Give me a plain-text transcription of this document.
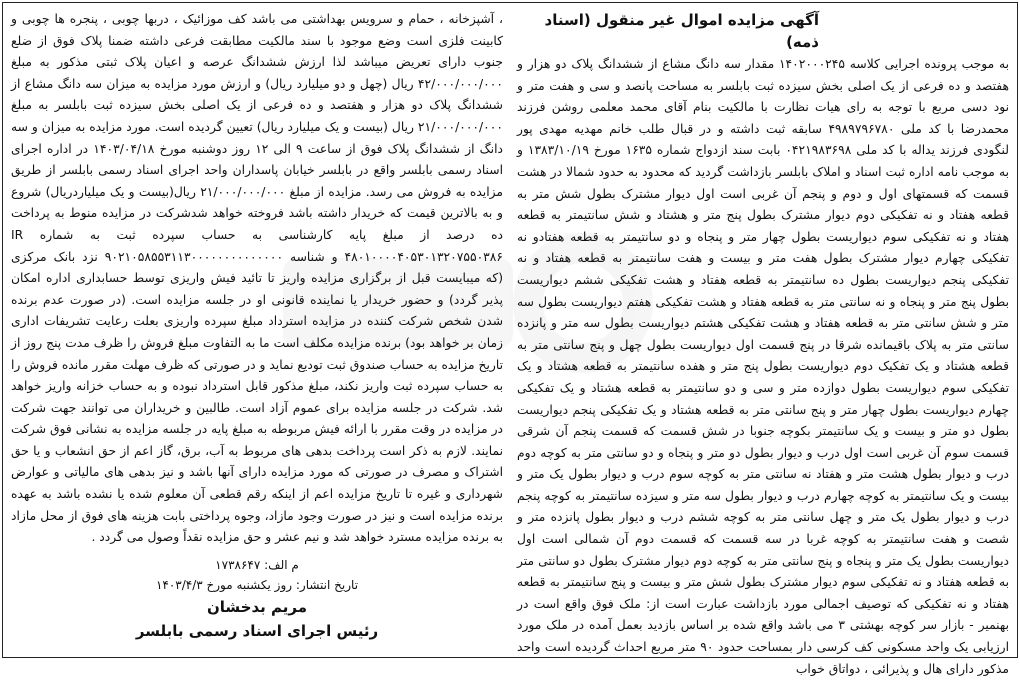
آگهی مزایده اموال غیر منقول (اسناد ذمه)
به موجب پرونده اجرایی کلاسه ۱۴۰۲۰۰۰۲۴۵ مقدار سه دانگ مشاع از ششدانگ پلاک دو هزار و هفتصد و ده فرعی از یک اصلی بخش سیزده ثبت بابلسر به مساحت پانصد و سی و هفت متر و نود دسی مربع با توجه به رای هیات نظارت با مالکیت بنام آقای محمد معلمی روشن فرزند محمدرضا با کد ملی ۴۹۸۹۷۹۶۷۸۰ سابقه ثبت داشته و در قبال طلب خانم مهدیه مهدی پور لنگودی فرزند یداله با کد ملی ۰۴۲۱۹۸۳۶۹۸ بابت سند ازدواج شماره ۱۶۳۵ مورخ ۱۳۸۳/۱۰/۱۹ و به موجب نامه اداره ثبت اسناد و املاک بابلسر بازداشت گردید که محدود به حدود شمالا در هشت قسمت که قسمتهای اول و دوم و پنجم آن غربی است اول دیوار مشترک بطول شش متر به قطعه هفتاد و نه تفکیکی دوم دیوار مشترک بطول پنج متر و هشتاد و شش سانتیمتر به قطعه هفتاد و نه تفکیکی سوم دیواریست بطول چهار متر و پنجاه و دو سانتیمتر به قطعه هفتادو نه تفکیکی چهارم دیوار مشترک بطول هفت متر و بیست و هفت سانتیمتر به قطعه هفتاد و نه تفکیکی پنجم دیواریست بطول ده سانتیمتر به قطعه هفتاد و هشت تفکیکی ششم دیواریست بطول پنج متر و پنجاه و نه سانتی متر به قطعه هفتاد و هشت تفکیکی هفتم دیواریست بطول سه متر و شش سانتی متر به قطعه هفتاد و هشت تفکیکی هشتم دیواریست بطول سه متر و پانزده سانتی متر به پلاک باقیمانده شرقا در پنج قسمت اول دیواریست بطول چهل و پنج سانتی متر به قطعه هشتاد و یک تفکیک دوم دیواریست بطول پنج متر و هفده سانتیمتر به قطعه هشتاد و یک تفکیکی سوم دیواریست بطول دوازده متر و سی و دو سانتیمتر به قطعه هشتاد و یک تفکیکی چهارم دیواریست بطول چهار متر و پنج سانتی متر به قطعه هشتاد و یک تفکیکی پنجم دیواریست بطول دو متر و بیست و یک سانتیمتر بکوچه جنوبا در شش قسمت که قسمت پنجم آن شرقی قسمت سوم آن غربی است اول درب و دیوار بطول دو متر و پنجاه و دو سانتی متر به کوچه دوم درب و دیوار بطول هشت متر و هفتاد نه سانتی متر به کوچه سوم درب و دیوار بطول یک متر و بیست و یک سانتیمتر به کوچه چهارم درب و دیوار بطول سه متر و سیزده سانتیمتر به کوچه پنجم درب و دیوار بطول یک متر و چهل سانتی متر به کوچه ششم درب و دیوار بطول پانزده متر و شصت و هفت سانتیمتر به کوچه غربا در سه قسمت که قسمت دوم آن شمالی است اول دیواریست بطول یک متر و پنجاه و پنج سانتی متر به کوچه دوم دیوار مشترک بطول دو سانتی متر به قطعه هفتاد و نه تفکیکی سوم دیوار مشترک بطول شش متر و بیست و پنج سانتیمتر به قطعه هفتاد و نه تفکیکی که توصیف اجمالی مورد بازداشت عبارت است از: ملک فوق واقع است در بهنمیر - بازار سر کوچه بهشتی ۳ می باشد واقع شده بر اساس بازدید بعمل آمده در ملک مورد ارزیابی یک واحد مسکونی کف کرسی دار بمساحت حدود ۹۰ متر مربع احداث گردیده است واحد مذکور دارای هال و پذیرائی ، دواتاق خواب
، آشپزخانه ، حمام و سرویس بهداشتی می باشد کف موزائیک ، دربها چوبی ، پنجره ها چوبی و کابینت فلزی است وضع موجود با سند مالکیت مطابقت فرعی داشته ضمنا پلاک فوق از ضلع جنوب دارای تعریض میباشد لذا ارزش ششدانگ عرصه و اعیان پلاک ثبتی مذکور به مبلغ ۴۲/۰۰۰/۰۰۰/۰۰۰ ریال (چهل و دو میلیارد ریال) و ارزش مورد مزایده به میزان سه دانگ مشاع از ششدانگ پلاک دو هزار و هفتصد و ده فرعی از یک اصلی بخش سیزده ثبت بابلسر به مبلغ ۲۱/۰۰۰/۰۰۰/۰۰۰ ریال (بیست و یک میلیارد ریال) تعیین گردیده است. مورد مزایده به میزان و سه دانگ از ششدانگ پلاک فوق از ساعت ۹ الی ۱۲ روز دوشنبه مورخ ۱۴۰۳/۰۴/۱۸ در اداره اجرای اسناد رسمی بابلسر واقع در بابلسر خیابان پاسداران واحد اجرای اسناد رسمی بابلسر از طریق مزایده به فروش می رسد. مزایده از مبلغ ۲۱/۰۰۰/۰۰۰/۰۰۰ ریال(بیست و یک میلیاردریال) شروع و به بالاترین قیمت که خریدار داشته باشد فروخته خواهد شدشرکت در مزایده منوط به پرداخت ده درصد از مبلغ پایه کارشناسی به حساب سپرده ثبت به شماره IR ۴۸۰۱۰۰۰۰۴۰۵۳۰۱۳۲۰۷۵۵۰۳۸۶ و شناسه ۹۰۲۱۰۵۸۵۵۳۱۱۳۰۰۰۰۰۰۰۰۰۰۰۰۰۰ نزد بانک مرکزی (که میبایست قبل از برگزاری مزایده واریز تا تائید فیش واریزی توسط حسابداری اداره امکان پذیر گردد) و حضور خریدار یا نماینده قانونی او در جلسه مزایده است. (در صورت عدم برنده شدن شخص شرکت کننده در مزایده استرداد مبلغ سپرده واریزی بعلت رعایت تشریفات اداری زمان بر خواهد بود) برنده مزایده مکلف است ما به التفاوت مبلغ فروش را ظرف مدت پنج روز از تاریخ مزایده به حساب صندوق ثبت تودیع نماید و در صورتی که ظرف مهلت مقرر مانده فروش را به حساب سپرده ثبت واریز نکند، مبلغ مذکور قابل استرداد نبوده و به حساب خزانه واریز خواهد شد. شرکت در جلسه مزایده برای عموم آزاد است. طالبین و خریداران می توانند جهت شرکت در مزایده در وقت مقرر با ارائه فیش مربوطه به مبلغ پایه در جلسه مزایده به نشانی فوق شرکت نمایند. لازم به ذکر است پرداخت بدهی های مربوط به آب، برق، گاز اعم از حق انشعاب و یا حق اشتراک و مصرف در صورتی که مورد مزایده دارای آنها باشد و نیز بدهی های مالیاتی و عوارض شهرداری و غیره تا تاریخ مزایده اعم از اینکه رقم قطعی آن معلوم شده یا نشده باشد به عهده برنده مزایده است و نیز در صورت وجود مازاد، وجوه پرداختی بابت هزینه های فوق از محل مازاد به برنده مزایده مسترد خواهد شد و نیم عشر و حق مزایده نقداً وصول می گردد .
م الف: ۱۷۳۸۶۴۷
تاریخ انتشار: روز یکشنبه مورخ ۱۴۰۳/۴/۳
مریم بدخشان
رئیس اجرای اسناد رسمی بابلسر
